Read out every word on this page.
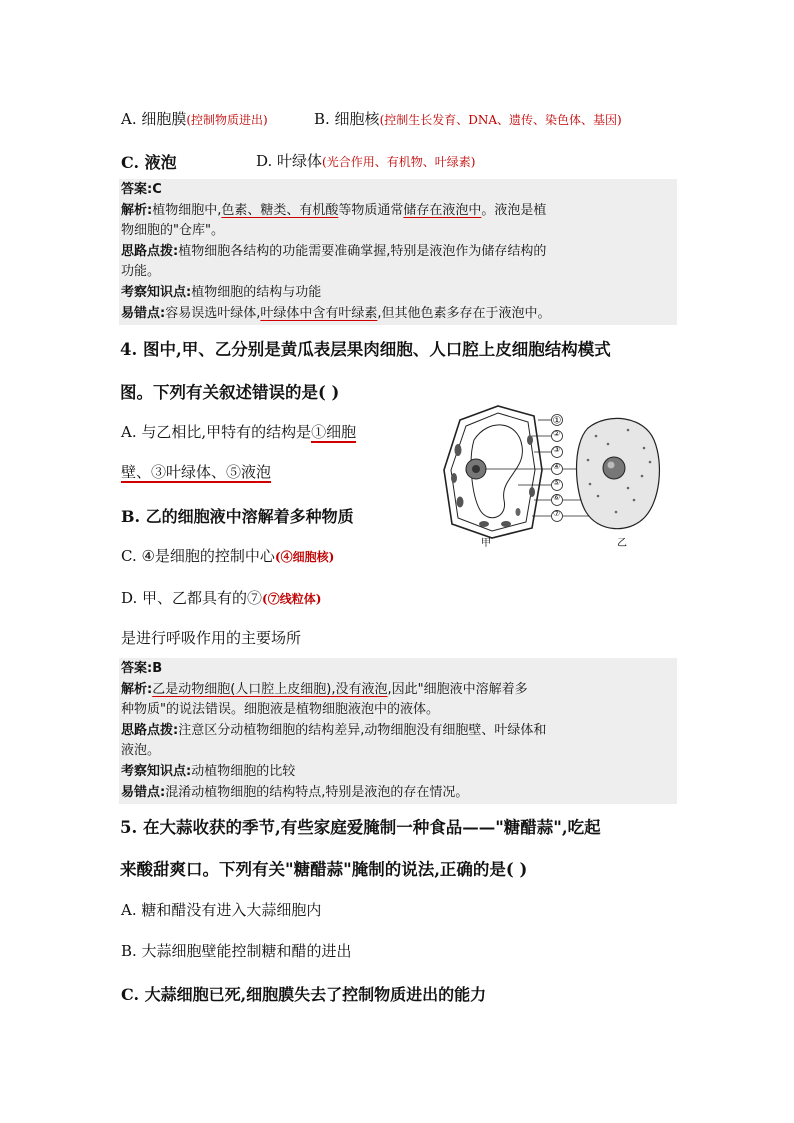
A. 细胞膜(控制物质进出)	B. 细胞核(控制生长发育、DNA、遗传、染色体、基因)
C. 液泡	D. 叶绿体(光合作用、有机物、叶绿素)
答案:C
解析:植物细胞中,色素、糖类、有机酸等物质通常储存在液泡中。液泡是植
物细胞的"仓库"。
思路点拨:植物细胞各结构的功能需要准确掌握,特别是液泡作为储存结构的
功能。
考察知识点:植物细胞的结构与功能
易错点:容易误选叶绿体,叶绿体中含有叶绿素,但其他色素多存在于液泡中。
4. 图中,甲、乙分别是黄瓜表层果肉细胞、人口腔上皮细胞结构模式
图。下列有关叙述错误的是( )
A. 与乙相比,甲特有的结构是①细胞
壁、③叶绿体、⑤液泡
B. 乙的细胞液中溶解着多种物质
C. ④是细胞的控制中心(④细胞核)
D. 甲、乙都具有的⑦(⑦线粒体)
是进行呼吸作用的主要场所
①
甲	乙
②
③
④
⑤
⑥
⑦
答案:B
解析:乙是动物细胞(人口腔上皮细胞),没有液泡,因此"细胞液中溶解着多
种物质"的说法错误。细胞液是植物细胞液泡中的液体。
思路点拨:注意区分动植物细胞的结构差异,动物细胞没有细胞壁、叶绿体和
液泡。
考察知识点:动植物细胞的比较
易错点:混淆动植物细胞的结构特点,特别是液泡的存在情况。
5. 在大蒜收获的季节,有些家庭爱腌制一种食品——"糖醋蒜",吃起
来酸甜爽口。下列有关"糖醋蒜"腌制的说法,正确的是( )
A. 糖和醋没有进入大蒜细胞内
B. 大蒜细胞壁能控制糖和醋的进出
C. 大蒜细胞已死,细胞膜失去了控制物质进出的能力
